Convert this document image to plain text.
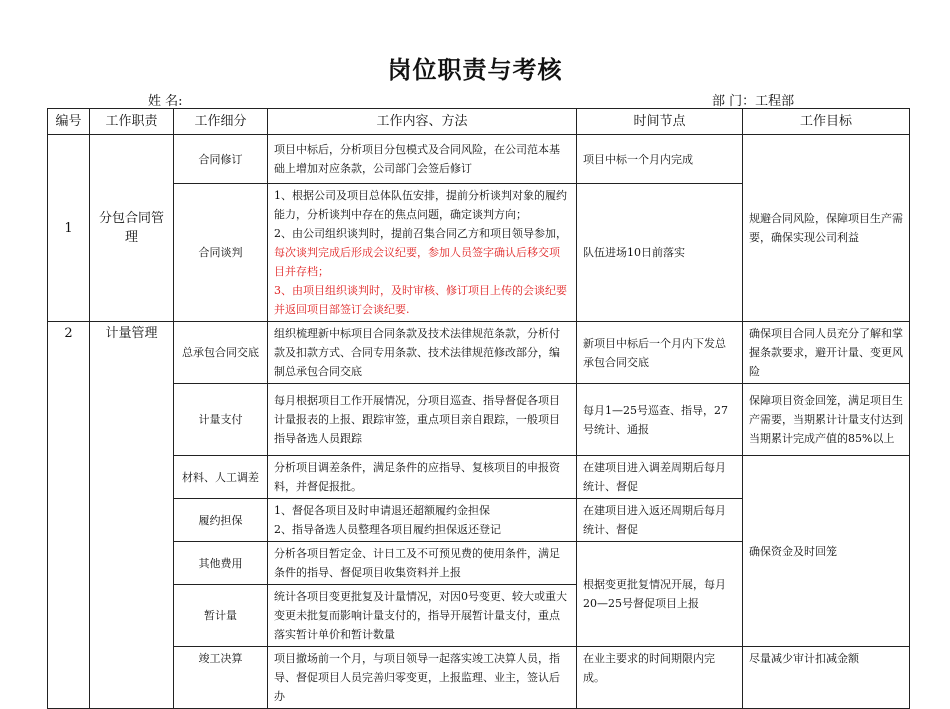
岗位职责与考核
姓 名:	部 门：工程部
编号	工作职责	工作细分	工作内容、方法	时间节点	工作目标
1	分包合同管理	合同修订	项目中标后，分析项目分包模式及合同风险，在公司范本基础上增加对应条款，公司部门会签后修订	项目中标一个月内完成	规避合同风险，保障项目生产需要，确保实现公司利益
		合同谈判	1、根据公司及项目总体队伍安排，提前分析谈判对象的履约能力，分析谈判中存在的焦点问题，确定谈判方向；
2、由公司组织谈判时，提前召集合同乙方和项目领导参加，
每次谈判完成后形成会议纪要，参加人员签字确认后移交项目并存档；
3、由项目组织谈判时，及时审核、修订项目上传的会谈纪要并返回项目部签订会谈纪要.	队伍进场10日前落实	
2	计量管理	总承包合同交底	组织梳理新中标项目合同条款及技术法律规范条款，分析付款及扣款方式、合同专用条款、技术法律规范修改部分，编制总承包合同交底	新项目中标后一个月内下发总承包合同交底	确保项目合同人员充分了解和掌握条款要求，避开计量、变更风险
		计量支付	每月根据项目工作开展情况，分项目巡查、指导督促各项目计量报表的上报、跟踪审签，重点项目亲自跟踪，一般项目指导备选人员跟踪	每月1—25号巡查、指导，27号统计、通报	保障项目资金回笼，满足项目生产需要，当期累计计量支付达到当期累计完成产值的85%以上
		材料、人工调差	分析项目调差条件，满足条件的应指导、复核项目的申报资料，并督促报批。	在建项目进入调差周期后每月统计、督促	确保资金及时回笼
		履约担保	1、督促各项目及时申请退还超额履约金担保
2、指导备选人员整理各项目履约担保返还登记	在建项目进入返还周期后每月统计、督促	
		其他费用	分析各项目暂定金、计日工及不可预见费的使用条件，满足条件的指导、督促项目收集资料并上报	根据变更批复情况开展，每月20—25号督促项目上报	
		暂计量	统计各项目变更批复及计量情况，对因0号变更、较大或重大变更未批复而影响计量支付的，指导开展暂计量支付，重点落实暂计单价和暂计数量		
		竣工决算	项目撤场前一个月，与项目领导一起落实竣工决算人员，指导、督促项目人员完善归零变更，上报监理、业主，签认后办	在业主要求的时间期限内完成。	尽量减少审计扣减金额
